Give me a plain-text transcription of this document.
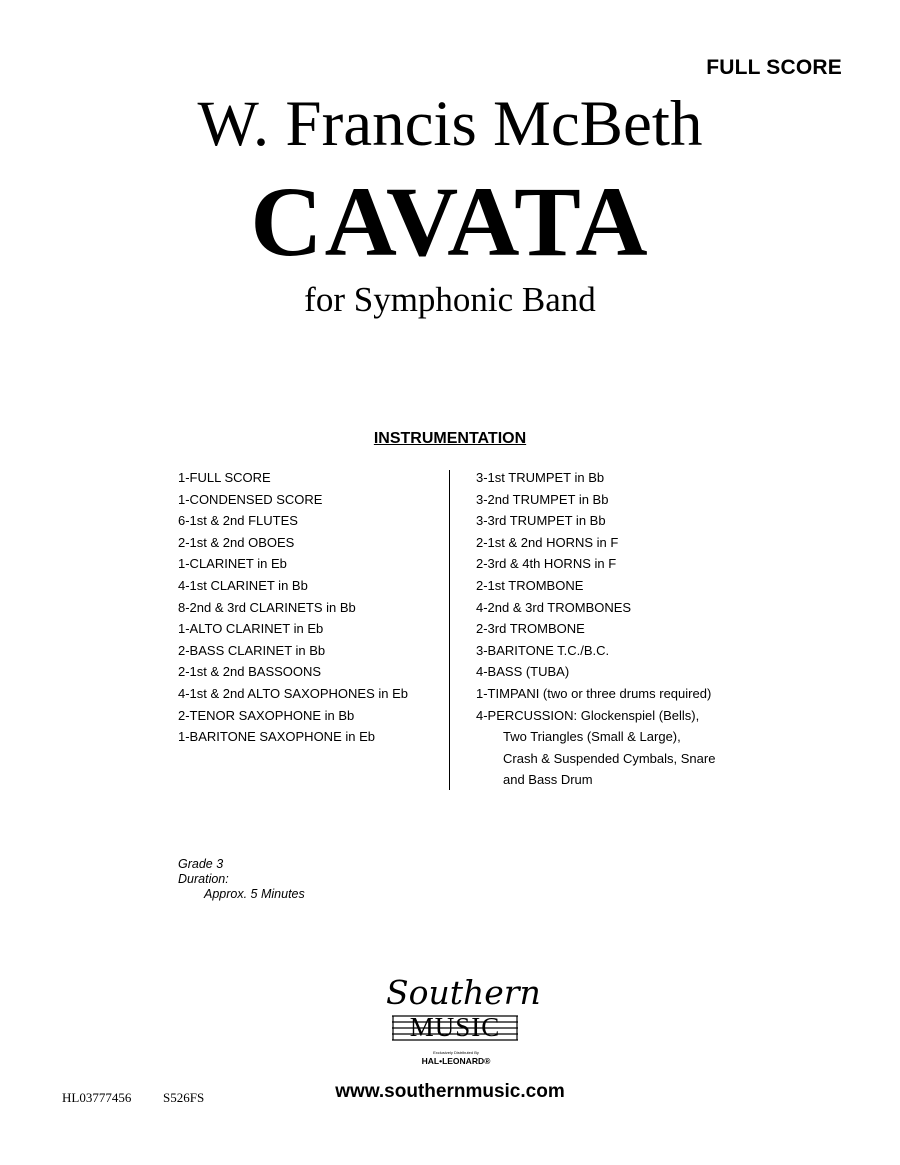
FULL SCORE
W. Francis McBeth
CAVATA
for Symphonic Band
INSTRUMENTATION
1-FULL SCORE
1-CONDENSED SCORE
6-1st & 2nd FLUTES
2-1st & 2nd OBOES
1-CLARINET in Eb
4-1st CLARINET in Bb
8-2nd & 3rd CLARINETS in Bb
1-ALTO CLARINET in Eb
2-BASS CLARINET in Bb
2-1st & 2nd BASSOONS
4-1st & 2nd ALTO SAXOPHONES in Eb
2-TENOR SAXOPHONE in Bb
1-BARITONE SAXOPHONE in Eb
3-1st TRUMPET in Bb
3-2nd TRUMPET in Bb
3-3rd TRUMPET in Bb
2-1st & 2nd HORNS in F
2-3rd & 4th HORNS in F
2-1st TROMBONE
4-2nd & 3rd TROMBONES
2-3rd TROMBONE
3-BARITONE T.C./B.C.
4-BASS (TUBA)
1-TIMPANI (two or three drums required)
4-PERCUSSION: Glockenspiel (Bells),
Two Triangles (Small & Large),
Crash & Suspended Cymbals, Snare
and Bass Drum
Grade 3
Duration:
Approx. 5 Minutes
Southern
MUSIC
Exclusively Distributed By
HAL•LEONARD®
www.southernmusic.com
HL03777456 S526FS
